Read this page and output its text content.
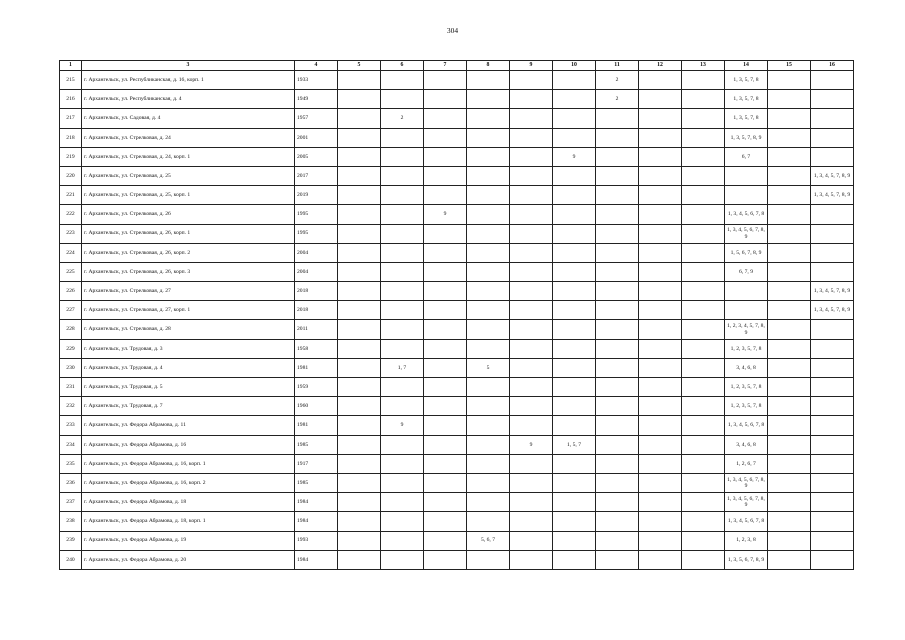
304
1	3	4	5	6	7	8	9	10	11	12	13	14	15	16
215	г. Архангельск, ул. Республиканская, д. 16, корп. 1	1933							2			1, 3, 5, 7, 8		
216	г. Архангельск, ул. Республиканская, д. 4	1949							2			1, 3, 5, 7, 8		
217	г. Архангельск, ул. Садовая, д. 4	1957		2								1, 3, 5, 7, 8		
218	г. Архангельск, ул. Стрелковая, д. 24	2001										1, 3, 5, 7, 8, 9		
219	г. Архангельск, ул. Стрелковая, д. 24, корп. 1	2005						9				6, 7		
220	г. Архангельск, ул. Стрелковая, д. 25	2017												1, 3, 4, 5, 7, 8, 9
221	г. Архангельск, ул. Стрелковая, д. 25, корп. 1	2019												1, 3, 4, 5, 7, 8, 9
222	г. Архангельск, ул. Стрелковая, д. 26	1995			9							1, 3, 4, 5, 6, 7, 8		
223	г. Архангельск, ул. Стрелковая, д. 26, корп. 1	1995										1, 3, 4, 5, 6, 7, 8, 9		
224	г. Архангельск, ул. Стрелковая, д. 26, корп. 2	2004										1, 5, 6, 7, 8, 9		
225	г. Архангельск, ул. Стрелковая, д. 26, корп. 3	2004										6, 7, 9		
226	г. Архангельск, ул. Стрелковая, д. 27	2018												1, 3, 4, 5, 7, 8, 9
227	г. Архангельск, ул. Стрелковая, д. 27, корп. 1	2018												1, 3, 4, 5, 7, 8, 9
228	г. Архангельск, ул. Стрелковая, д. 28	2011										1, 2, 3, 4, 5, 7, 8, 9		
229	г. Архангельск, ул. Трудовая, д. 3	1958										1, 2, 3, 5, 7, 8		
230	г. Архангельск, ул. Трудовая, д. 4	1981		1, 7		5						3, 4, 6, 8		
231	г. Архангельск, ул. Трудовая, д. 5	1959										1, 2, 3, 5, 7, 8		
232	г. Архангельск, ул. Трудовая, д. 7	1960										1, 2, 3, 5, 7, 8		
233	г. Архангельск, ул. Федора Абрамова, д. 11	1981		9								1, 3, 4, 5, 6, 7, 8		
234	г. Архангельск, ул. Федора Абрамова, д. 16	1985					9	1, 5, 7				3, 4, 6, 8		
235	г. Архангельск, ул. Федора Абрамова, д. 16, корп. 1	1917										1, 2, 6, 7		
236	г. Архангельск, ул. Федора Абрамова, д. 16, корп. 2	1985										1, 3, 4, 5, 6, 7, 8, 9		
237	г. Архангельск, ул. Федора Абрамова, д. 18	1984										1, 3, 4, 5, 6, 7, 8, 9		
238	г. Архангельск, ул. Федора Абрамова, д. 18, корп. 1	1984										1, 3, 4, 5, 6, 7, 8		
239	г. Архангельск, ул. Федора Абрамова, д. 19	1993				5, 6, 7						1, 2, 3, 8		
240	г. Архангельск, ул. Федора Абрамова, д. 20	1984										1, 3, 5, 6, 7, 8, 9		
